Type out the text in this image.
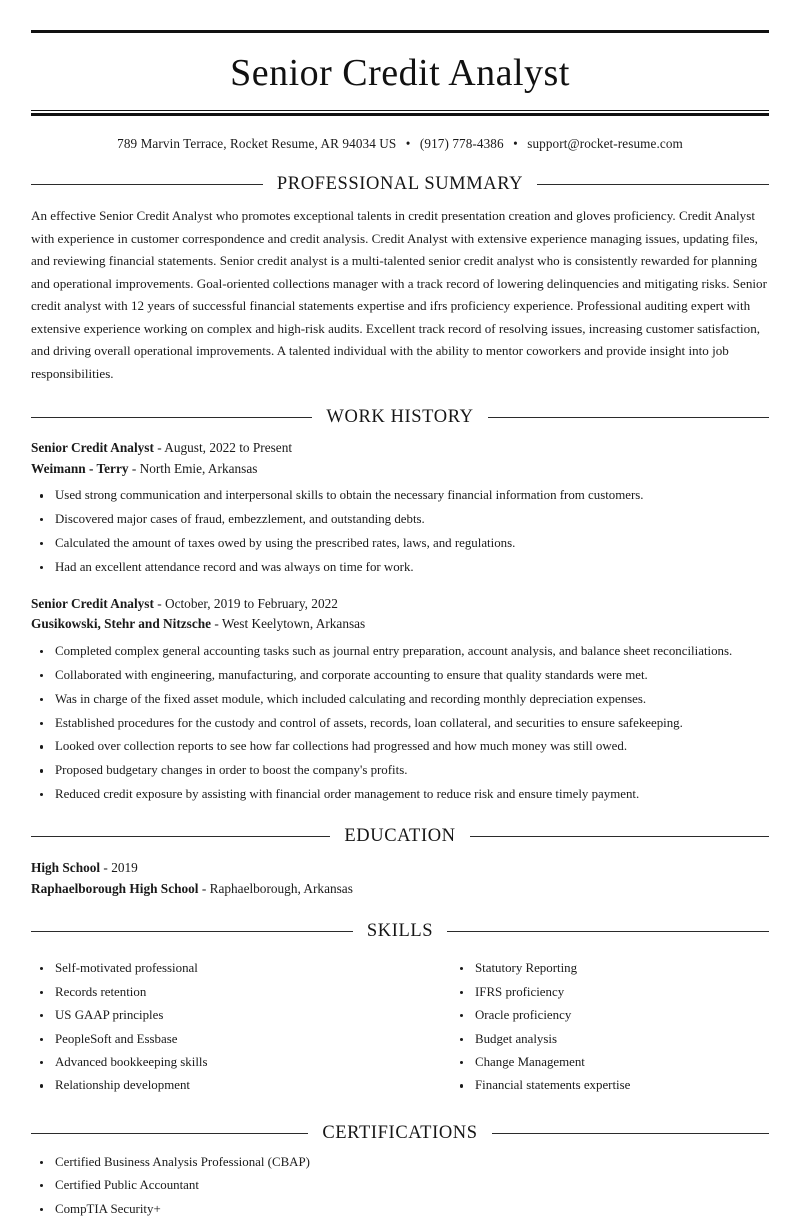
Senior Credit Analyst
789 Marvin Terrace, Rocket Resume, AR 94034 US • (917) 778-4386 • support@rocket-resume.com
PROFESSIONAL SUMMARY

An effective Senior Credit Analyst who promotes exceptional talents in credit presentation creation and gloves proficiency. Credit Analyst with experience in customer correspondence and credit analysis. Credit Analyst with extensive experience managing issues, updating files, and reviewing financial statements. Senior credit analyst is a multi-talented senior credit analyst who is consistently rewarded for planning and operational improvements. Goal-oriented collections manager with a track record of lowering delinquencies and mitigating risks. Senior credit analyst with 12 years of successful financial statements expertise and ifrs proficiency experience. Professional auditing expert with extensive experience working on complex and high-risk audits. Excellent track record of resolving issues, increasing customer satisfaction, and driving overall operational improvements. A talented individual with the ability to mentor coworkers and provide insight into job responsibilities.

WORK HISTORY
Senior Credit Analyst - August, 2022 to Present
Weimann - Terry - North Emie, Arkansas
Used strong communication and interpersonal skills to obtain the necessary financial information from customers.
Discovered major cases of fraud, embezzlement, and outstanding debts.
Calculated the amount of taxes owed by using the prescribed rates, laws, and regulations.
Had an excellent attendance record and was always on time for work.
Senior Credit Analyst - October, 2019 to February, 2022
Gusikowski, Stehr and Nitzsche - West Keelytown, Arkansas
Completed complex general accounting tasks such as journal entry preparation, account analysis, and balance sheet reconciliations.
Collaborated with engineering, manufacturing, and corporate accounting to ensure that quality standards were met.
Was in charge of the fixed asset module, which included calculating and recording monthly depreciation expenses.
Established procedures for the custody and control of assets, records, loan collateral, and securities to ensure safekeeping.
Looked over collection reports to see how far collections had progressed and how much money was still owed.
Proposed budgetary changes in order to boost the company's profits.
Reduced credit exposure by assisting with financial order management to reduce risk and ensure timely payment.
EDUCATION
High School - 2019
Raphaelborough High School - Raphaelborough, Arkansas
SKILLS
Self-motivated professional
Records retention
US GAAP principles
PeopleSoft and Essbase
Advanced bookkeeping skills
Relationship development
Statutory Reporting
IFRS proficiency
Oracle proficiency
Budget analysis
Change Management
Financial statements expertise
CERTIFICATIONS
Certified Business Analysis Professional (CBAP)
Certified Public Accountant
CompTIA Security+
